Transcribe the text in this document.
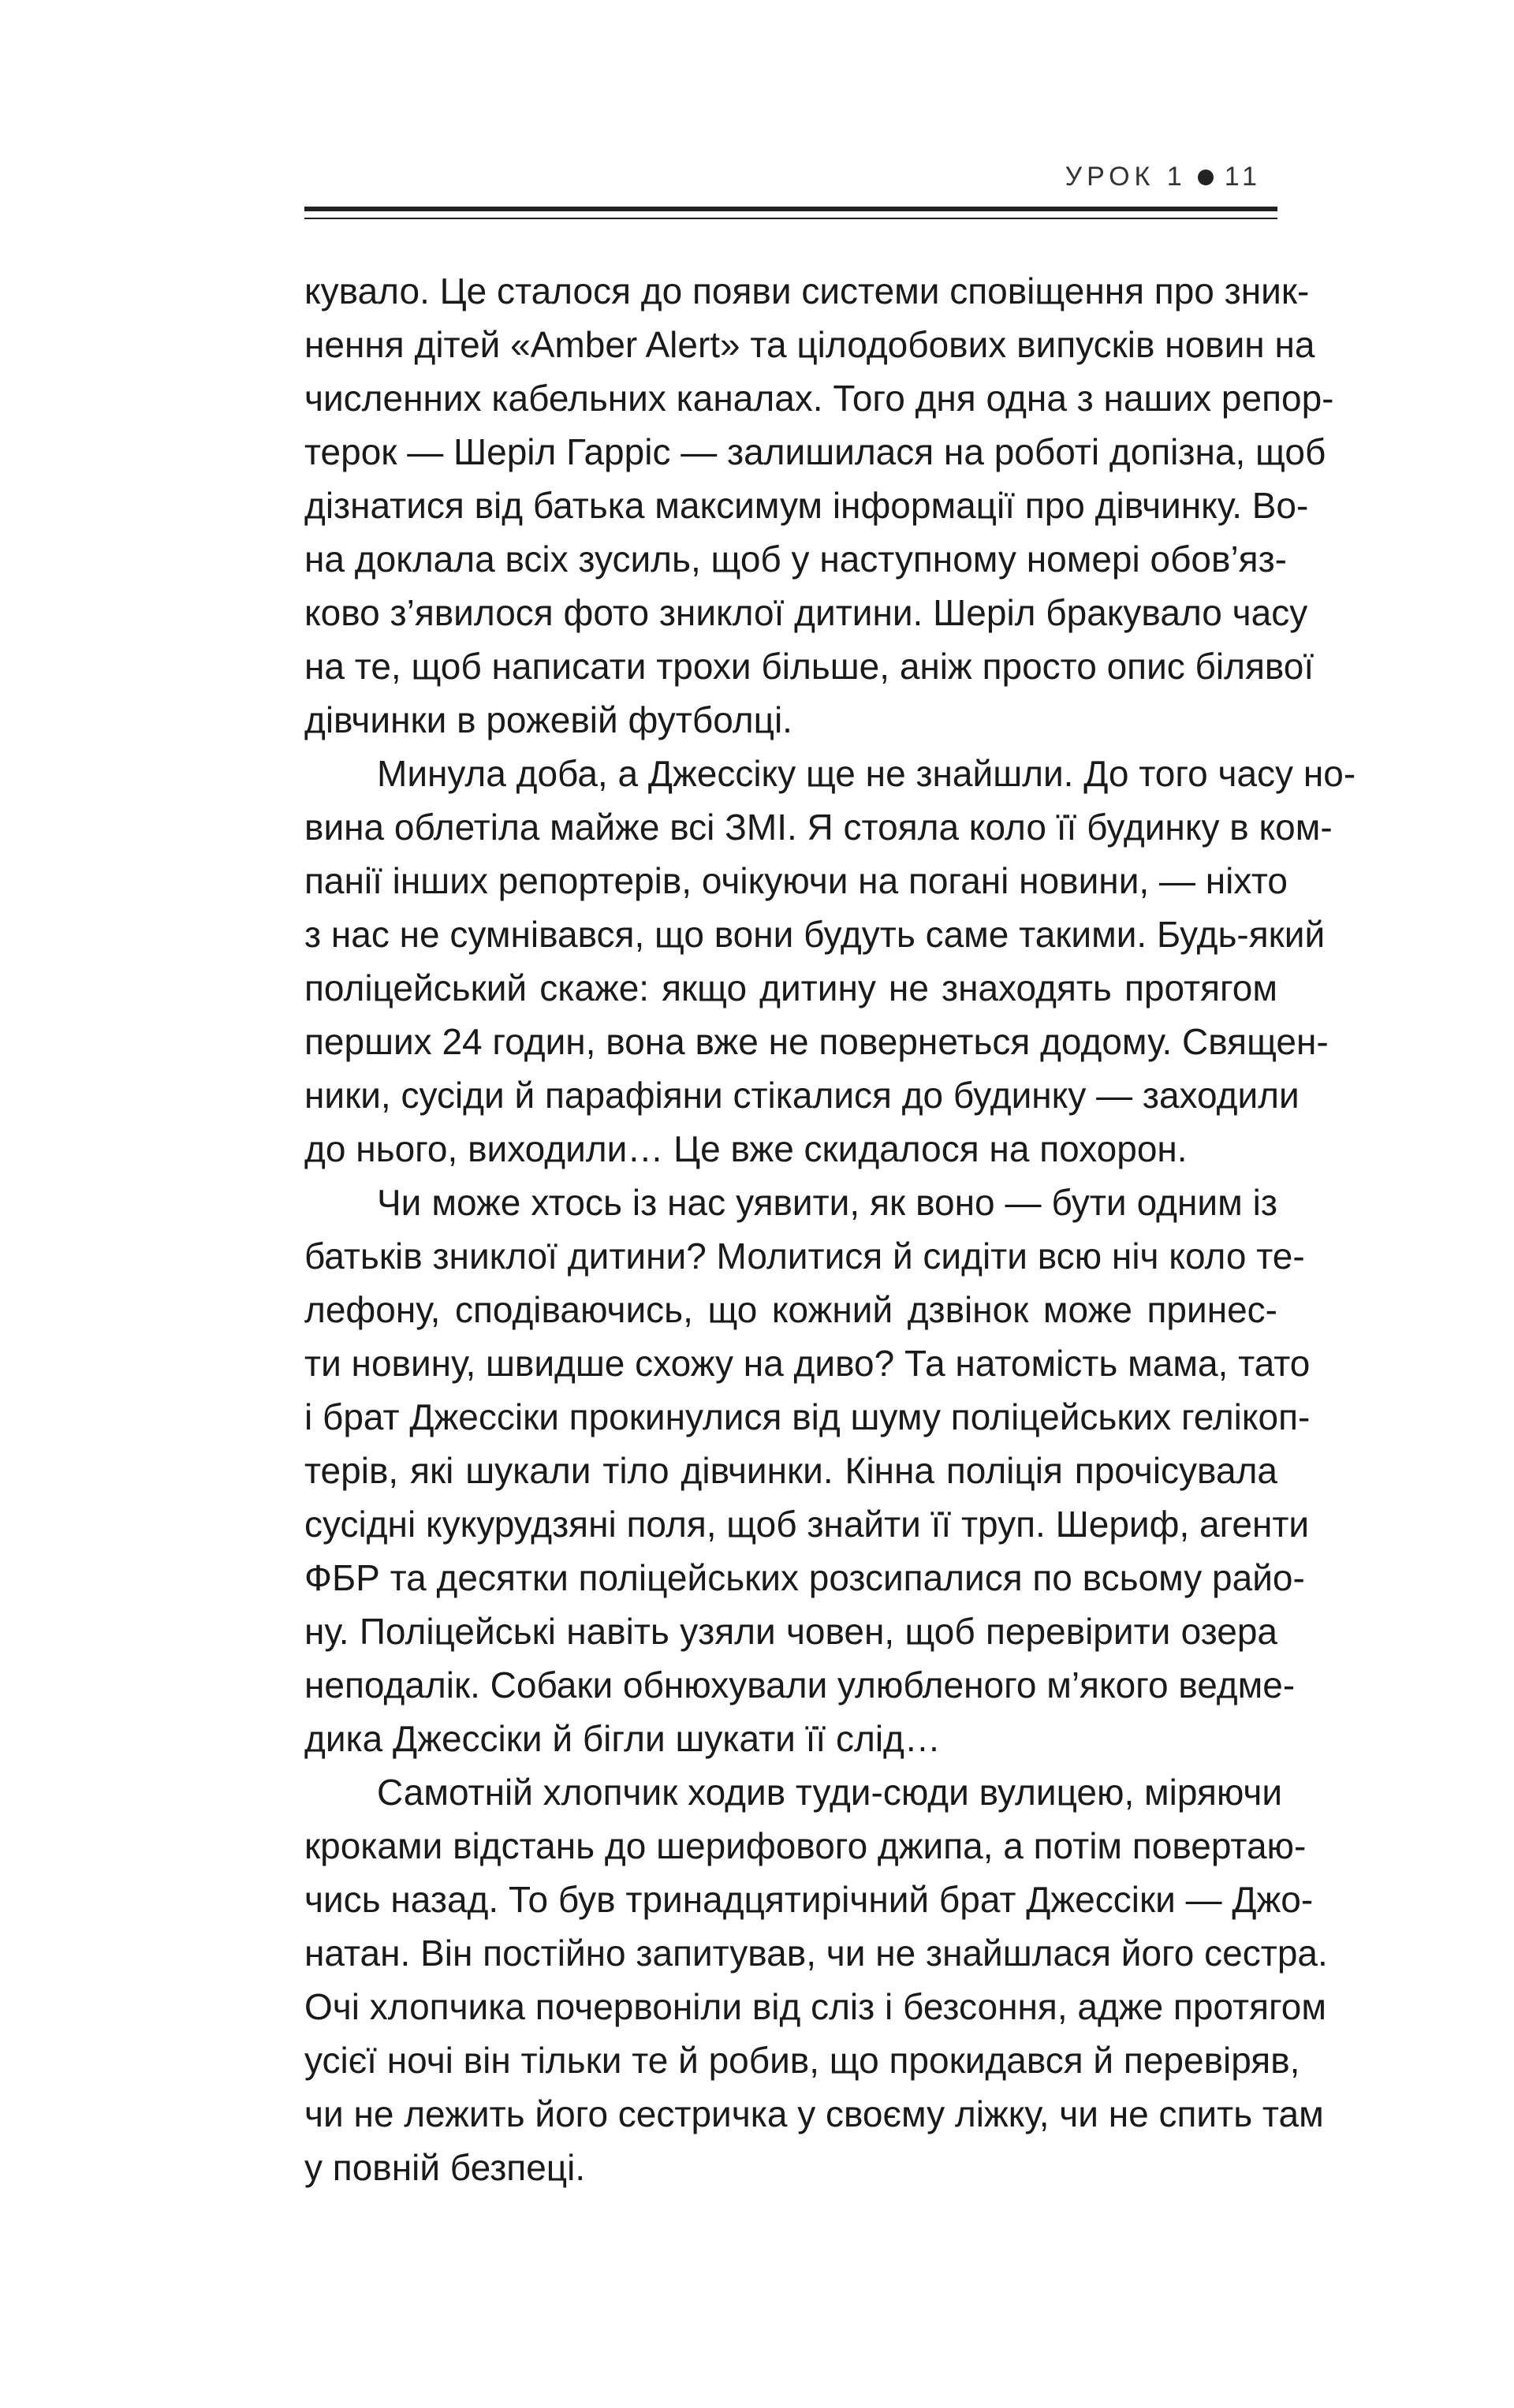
УРОК 1 11
кувало. Це сталося до появи системи сповіщення про зник-
нення дітей «Amber Alert» та цілодобових випусків новин на
численних кабельних каналах. Того дня одна з наших репор-
терок — Шеріл Гарріс — залишилася на роботі допізна, щоб
дізнатися від батька максимум інформації про дівчинку. Во-
на доклала всіх зусиль, щоб у наступному номері обов’яз-
ково з’явилося фото зниклої дитини. Шеріл бракувало часу
на те, щоб написати трохи більше, аніж просто опис білявої
дівчинки в рожевій футболці.
Минула доба, а Джессіку ще не знайшли. До того часу но-
вина облетіла майже всі ЗМІ. Я стояла коло її будинку в ком-
панії інших репортерів, очікуючи на погані новини, — ніхто
з нас не сумнівався, що вони будуть саме такими. Будь-який
поліцейський скаже: якщо дитину не знаходять протягом
перших 24 годин, вона вже не повернеться додому. Священ-
ники, сусіди й парафіяни стікалися до будинку — заходили
до нього, виходили… Це вже скидалося на похорон.
Чи може хтось із нас уявити, як воно — бути одним із
батьків зниклої дитини? Молитися й сидіти всю ніч коло те-
лефону, сподіваючись, що кожний дзвінок може принес-
ти новину, швидше схожу на диво? Та натомість мама, тато
і брат Джессіки прокинулися від шуму поліцейських гелікоп-
терів, які шукали тіло дівчинки. Кінна поліція прочісувала
сусідні кукурудзяні поля, щоб знайти її труп. Шериф, агенти
ФБР та десятки поліцейських розсипалися по всьому райо-
ну. Поліцейські навіть узяли човен, щоб перевірити озера
неподалік. Собаки обнюхували улюбленого м’якого ведме-
дика Джессіки й бігли шукати її слід…
Самотній хлопчик ходив туди-сюди вулицею, міряючи
кроками відстань до шерифового джипа, а потім повертаю-
чись назад. То був тринадцятирічний брат Джессіки — Джо-
натан. Він постійно запитував, чи не знайшлася його сестра.
Очі хлопчика почервоніли від сліз і безсоння, адже протягом
усієї ночі він тільки те й робив, що прокидався й перевіряв,
чи не лежить його сестричка у своєму ліжку, чи не спить там
у повній безпеці.
